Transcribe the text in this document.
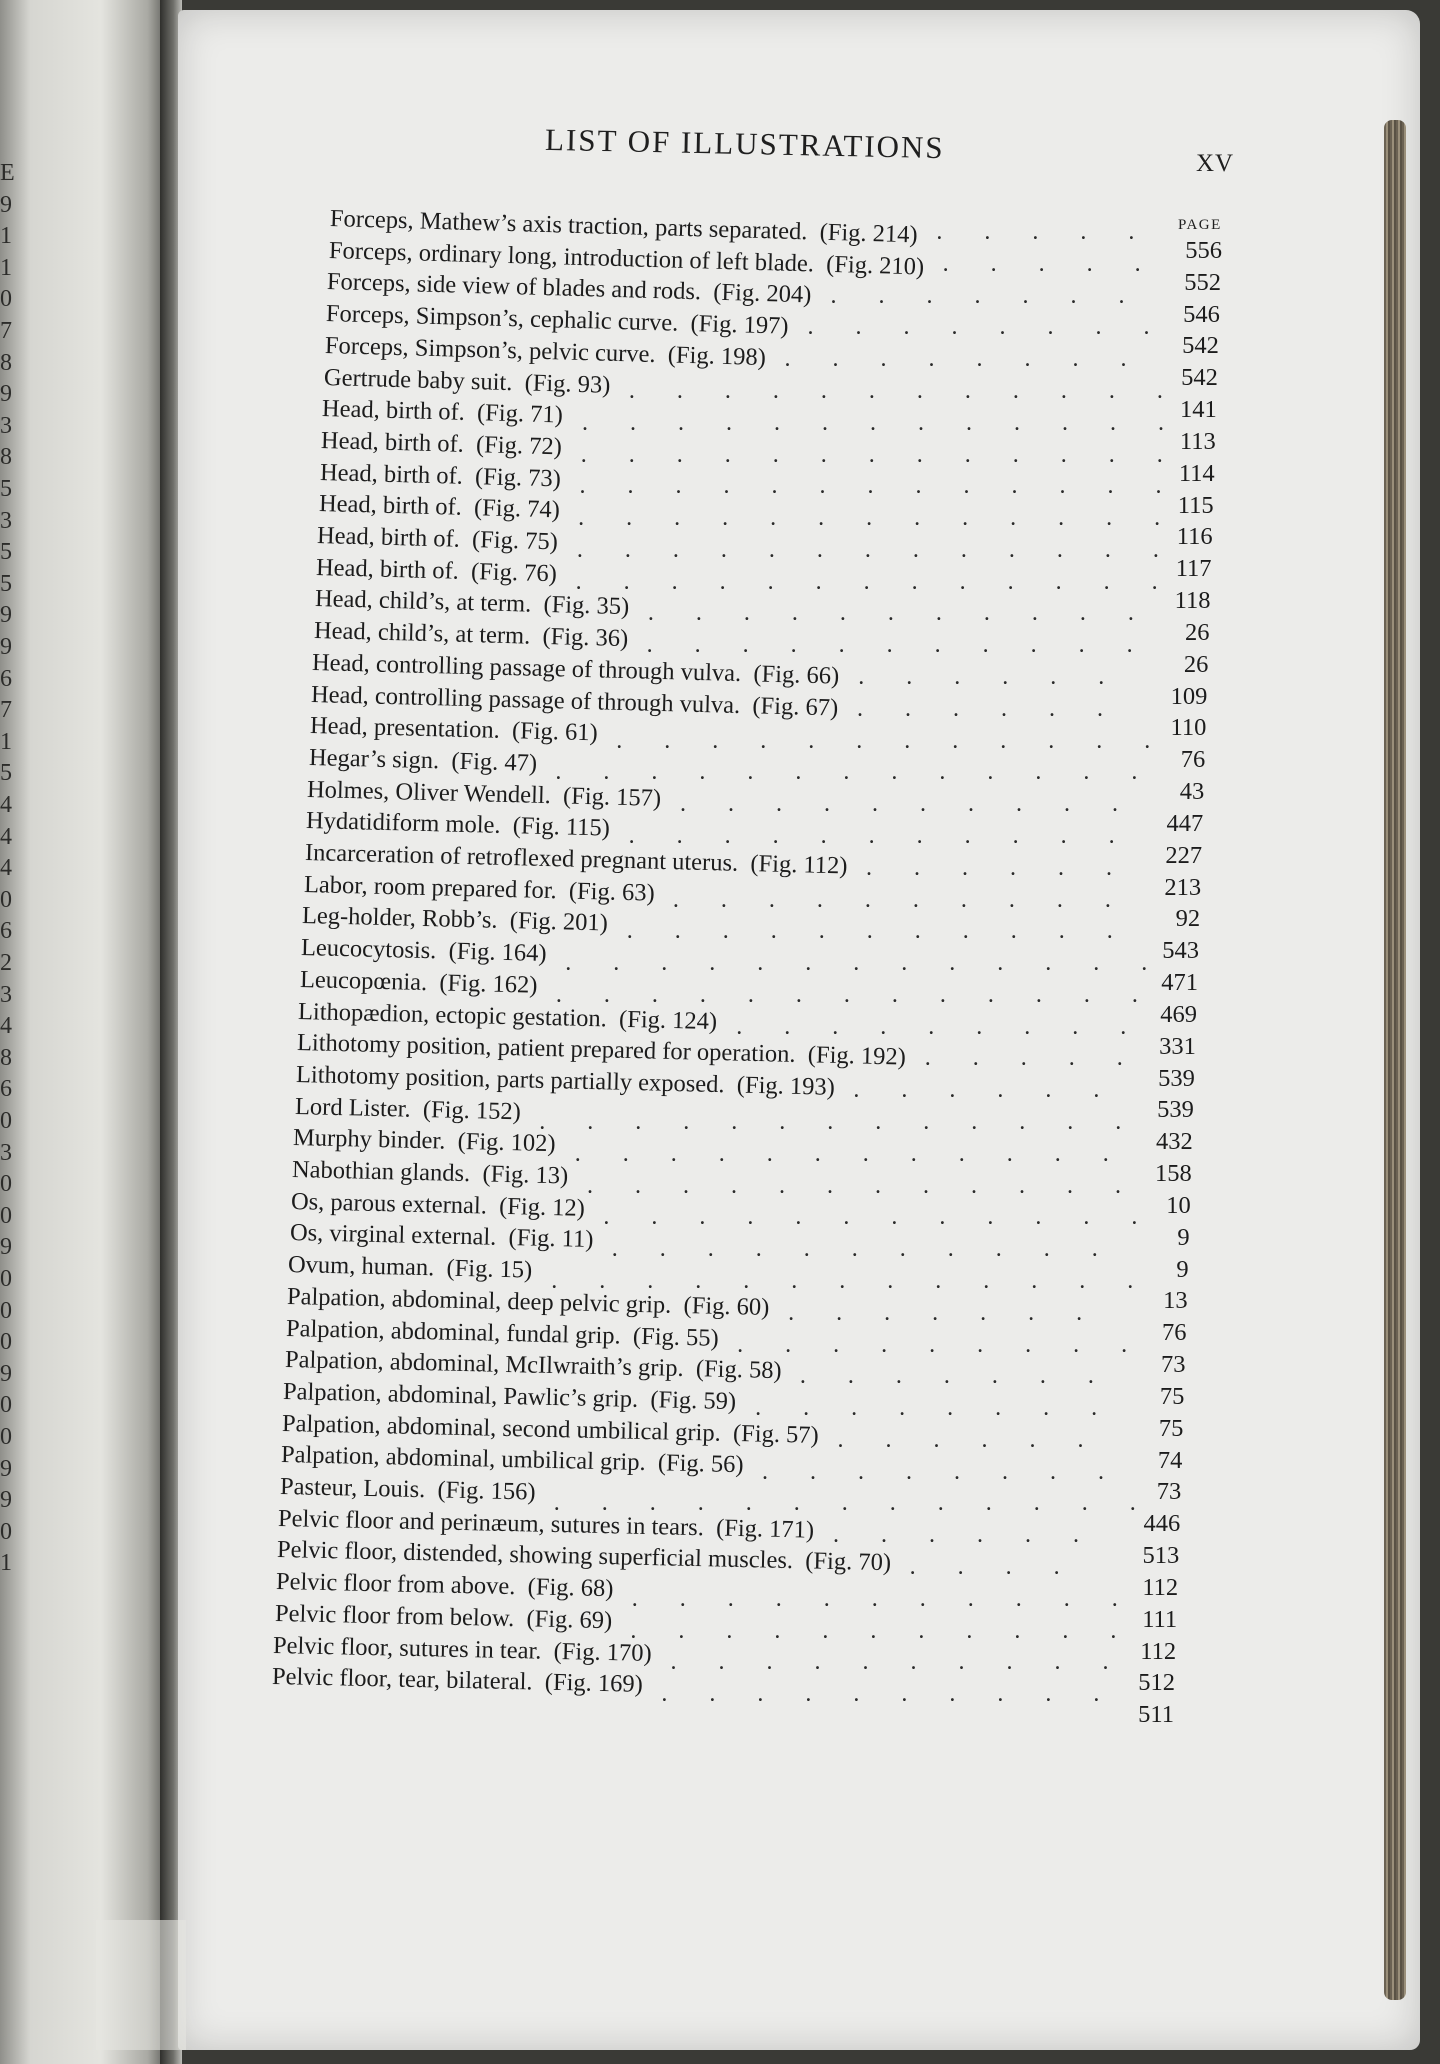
E
9
1
1
0
7
8
9
3
8
5
3
5
5
9
9
6
7
1
5
4
4
4
0
6
2
3
4
8
6
0
3
0
0
9
0
0
0
9
0
0
9
9
0
1
LIST OF ILLUSTRATIONS	XV
PAGE
Forceps, Mathew’s axis traction, parts separated. (Fig. 214) .       .       .       .       .
556
Forceps, ordinary long, introduction of left blade. (Fig. 210) .       .       .       .       .
552
Forceps, side view of blades and rods. (Fig. 204) .       .       .       .       .       .       .
546
Forceps, Simpson’s, cephalic curve. (Fig. 197) .       .       .       .       .       .       .       .
542
Forceps, Simpson’s, pelvic curve. (Fig. 198) .       .       .       .       .       .       .       .
542
Gertrude baby suit. (Fig. 93) .       .       .       .       .       .       .       .       .       .       .       .
141
Head, birth of. (Fig. 71) .       .       .       .       .       .       .       .       .       .       .       .       .
113
Head, birth of. (Fig. 72) .       .       .       .       .       .       .       .       .       .       .       .       .
114
Head, birth of. (Fig. 73) .       .       .       .       .       .       .       .       .       .       .       .       .
115
Head, birth of. (Fig. 74) .       .       .       .       .       .       .       .       .       .       .       .       .
116
Head, birth of. (Fig. 75) .       .       .       .       .       .       .       .       .       .       .       .       .
117
Head, birth of. (Fig. 76) .       .       .       .       .       .       .       .       .       .       .       .       .
118
Head, child’s, at term. (Fig. 35) .       .       .       .       .       .       .       .       .       .       .
26
Head, child’s, at term. (Fig. 36) .       .       .       .       .       .       .       .       .       .       .
26
Head, controlling passage of through vulva. (Fig. 66) .       .       .       .       .       .
109
Head, controlling passage of through vulva. (Fig. 67) .       .       .       .       .       .
110
Head, presentation. (Fig. 61) .       .       .       .       .       .       .       .       .       .       .       .
76
Hegar’s sign. (Fig. 47) .       .       .       .       .       .       .       .       .       .       .       .       .
43
Holmes, Oliver Wendell. (Fig. 157) .       .       .       .       .       .       .       .       .       .
447
Hydatidiform mole. (Fig. 115) .       .       .       .       .       .       .       .       .       .       .
227
Incarceration of retroflexed pregnant uterus. (Fig. 112) .       .       .       .       .       .
213
Labor, room prepared for. (Fig. 63) .       .       .       .       .       .       .       .       .       .
92
Leg-holder, Robb’s. (Fig. 201) .       .       .       .       .       .       .       .       .       .       .
543
Leucocytosis. (Fig. 164) .       .       .       .       .       .       .       .       .       .       .       .       .
471
Leucopœnia. (Fig. 162) .       .       .       .       .       .       .       .       .       .       .       .       .
469
Lithopædion, ectopic gestation. (Fig. 124) .       .       .       .       .       .       .       .       .
331
Lithotomy position, patient prepared for operation. (Fig. 192) .       .       .       .       .
539
Lithotomy position, parts partially exposed. (Fig. 193) .       .       .       .       .       .
539
Lord Lister. (Fig. 152) .       .       .       .       .       .       .       .       .       .       .       .       .
432
Murphy binder. (Fig. 102) .       .       .       .       .       .       .       .       .       .       .       .
158
Nabothian glands. (Fig. 13) .       .       .       .       .       .       .       .       .       .       .       .
10
Os, parous external. (Fig. 12) .       .       .       .       .       .       .       .       .       .       .       .
9
Os, virginal external. (Fig. 11) .       .       .       .       .       .       .       .       .       .       .
9
Ovum, human. (Fig. 15) .       .       .       .       .       .       .       .       .       .       .       .       .
13
Palpation, abdominal, deep pelvic grip. (Fig. 60) .       .       .       .       .       .       .
76
Palpation, abdominal, fundal grip. (Fig. 55) .       .       .       .       .       .       .       .       .
73
Palpation, abdominal, McIlwraith’s grip. (Fig. 58) .       .       .       .       .       .       .
75
Palpation, abdominal, Pawlic’s grip. (Fig. 59) .       .       .       .       .       .       .       .
75
Palpation, abdominal, second umbilical grip. (Fig. 57) .       .       .       .       .       .
74
Palpation, abdominal, umbilical grip. (Fig. 56) .       .       .       .       .       .       .       .
73
Pasteur, Louis. (Fig. 156) .       .       .       .       .       .       .       .       .       .       .       .       .
446
Pelvic floor and perinæum, sutures in tears. (Fig. 171) .       .       .       .       .       .
513
Pelvic floor, distended, showing superficial muscles. (Fig. 70) .       .       .       .
112
Pelvic floor from above. (Fig. 68) .       .       .       .       .       .       .       .       .       .       .
111
Pelvic floor from below. (Fig. 69) .       .       .       .       .       .       .       .       .       .       .
112
Pelvic floor, sutures in tear. (Fig. 170) .       .       .       .       .       .       .       .       .       .
512
Pelvic floor, tear, bilateral. (Fig. 169) .       .       .       .       .       .       .       .       .       .
511
